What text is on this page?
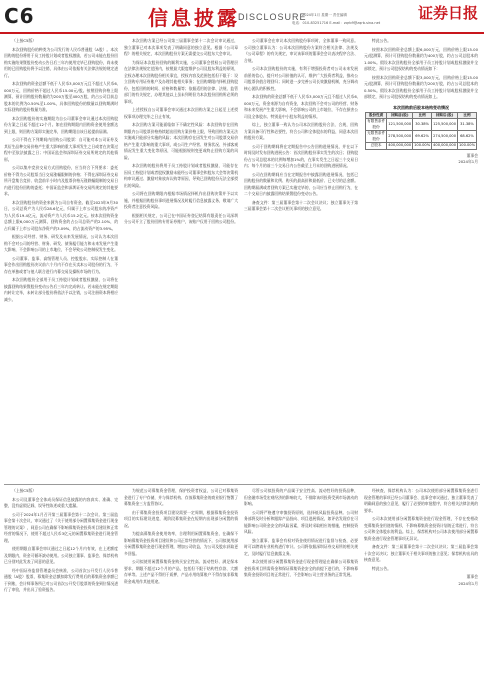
C6	信息披露
DISCLOSURE
2024年1月 星期一 责任编辑
电话：010-83251716 E-mail：zqrb9@zqrb.sina.net
证券日报

（上接C5版）

本次回购股份的种类为公司发行的人民币普通股（A股）。本次回购的股份将用于员工持股计划或者股权激励，若公司未能在股份回购实施结果暨股份变动公告日后三年内使用完毕已回购股份，尚未使用的已回购股份将予以注销，具体由公司依据有关法律法规的规定进行。

本次回购的资金总额不低于人民币3,000万元且不超过人民币6,000万元，回购价格不超过人民币15.00元/股。按照回购价格上限测算，预计回购股份数量约为200万股至400万股，约占公司目前总股本的比例为0.50%至1.00%，具体回购股份的数量以回购期满时实际回购的股份数量为准。

本次回购股份的实施期限为自公司董事会审议通过本次回购股份方案之日起不超过12个月。如在回购期限内回购资金使用金额达到上限，则回购方案即实施完毕，回购期限自该日起提前届满。

公司不得在下列期间内回购公司股票：自可能对本公司证券及其衍生品种交易价格产生重大影响的重大事项发生之日或者在决策过程中至依法披露之日；中国证监会和深圳证券交易所规定的其他情形。

公司以集中竞价交易方式回购股份，应当符合下列要求：委托价格不得为公司股票当日交易涨幅限制的价格；不得在深圳证券交易所开盘集合竞价、收盘前半小时内及股票价格无涨跌幅限制的交易日内进行股份回购的委托；中国证监会和深圳证券交易所规定的其他要求。

本次回购股份的资金来源为公司自有资金。截至2023年9月30日，公司总资产为人民币28.6亿元，归属于上市公司股东的净资产为人民币19.4亿元，流动资产为人民币15.2亿元。按本次回购资金总额上限6,000万元测算，回购资金约占公司总资产的2.10%，约占归属于上市公司股东净资产的3.09%，约占流动资产的3.95%。

根据公司经营、财务、研发及未来发展情况，公司认为本次回购不会对公司的经营、财务、研发、债务履行能力和未来发展产生重大影响，不会影响公司的上市地位，不会导致公司控制权发生变化。

公司董事、监事、高级管理人员、控股股东、实际控制人在董事会作出回购股份决议前六个月内不存在买卖本公司股份的行为，不存在单独或者与他人联合进行内幕交易及操纵市场的行为。

本次回购股份全部用于员工持股计划或者股权激励，公司将在披露回购结果暨股份变动公告后三年内完成转让。若未能在规定期限内转让完毕，未转让部分股份将依法予以注销，公司注册资本将相应减少。

本次回购方案已经公司第三届董事会第十二次会议审议通过，独立董事已对本次事项发表了明确同意的独立意见。根据《公司章程》的相关规定，本次回购股份方案无需提交公司股东大会审议。

为保证本次股份回购的顺利实施，公司董事会授权公司管理层在法律法规规定范围内，按照最大限度维护公司及股东利益的原则，全权办理本次回购股份相关事宜，授权内容及范围包括但不限于：设立回购专用证券账户及办理其他相关事务；在回购期限内择机回购股份，包括回购的时间、价格和数量等；依据适用的法律、法规、监管部门的有关规定，办理其他以上虽未列明但为本次股份回购所必须的事项。

上述授权自公司董事会审议通过本次回购方案之日起至上述授权事项办理完毕之日止有效。

本次回购方案可能面临如下不确定性风险：本次回购存在回购期限内公司股票价格持续超出回购方案价格上限，导致回购方案无法实施或只能部分实施的风险；本次回购存在因发生对公司股票交易价格产生重大影响的重大事项，或公司生产经营、财务状况、外部客观情况发生重大变化等原因，可能根据规则变更或终止回购方案的风险。

本次回购的股份将用于员工持股计划或者股权激励，可能存在因员工持股计划或者股权激励未能经公司董事会和股东大会等决策机构审议通过、激励对象放弃认购等原因，导致已回购股份无法全部授出的风险。

公司将在回购期限内根据市场情况择机作出回购决策并予以实施，并根据回购股份事项进展情况及时履行信息披露义务，敬请广大投资者注意投资风险。

根据相关规定，公司已在中国证券登记结算有限责任公司深圳分公司开立了股份回购专用证券账户，该账户仅用于回购公司股份。

公司董事会在审议本次回购股份事项时，全体董事一致同意。公司独立董事认为：公司本次回购股份方案符合相关法律、法规及《公司章程》的有关规定，审议该事项的董事会会议表决程序合法、合规。

公司本次回购股份的实施，有利于增强投资者对公司未来发展前景的信心，提升对公司价值的认可，维护广大投资者利益，推动公司股票价值合理回归；同时进一步完善公司长效激励机制，充分调动核心团队的积极性。

本次回购的资金总额不低于人民币3,000万元且不超过人民币6,000万元，资金来源为自有资金，本次回购不会对公司的经营、财务和未来发展产生重大影响，不会影响公司的上市地位，不存在损害公司及全体股东、特别是中小股东利益的情形。

综上，独立董事一致认为公司本次回购股份合法、合规，回购方案具备可行性和必要性，符合公司和全体股东的利益，同意本次回购股份方案。

公司于回购期间将在定期报告中公告回购进展情况，并在以下时间及时发布回购进展公告：首次回购股份事实发生的次日；回购股份占公司总股本的比例每增加1%的，在事实发生之日起三个交易日内；每个月的前三个交易日内公告截至上月末的回购进展情况。

公司在回购期间应当在定期报告中披露回购进展情况，包括已回购股份的数量和比例、购买的最高价和最低价、已支付的总金额。回购期届满或者回购方案已实施完毕的，公司应当停止回购行为，在二个交易日内披露回购结果暨股份变动公告。

备查文件：第三届董事会第十二次会议决议；独立董事关于第三届董事会第十二次会议相关事项的独立意见。

特此公告。

按照本次回购资金总额上限6,000万元，回购价格上限15.00元/股测算，预计可回购股份数量约为400万股，约占公司总股本的1.00%。假设本次回购股份全部用于员工持股计划或股权激励并全部锁定，预计公司股权结构的变动情况如下：

按照本次回购资金总额下限3,000万元，回购价格上限15.00元/股测算，预计可回购股份数量约为200万股，约占公司总股本的0.50%。假设本次回购股份全部用于员工持股计划或股权激励并全部锁定，预计公司股权结构的变动情况如上。

本次回购前后股本结构变动情况
股份性质	回购前(股)	比例	回购后(股)	比例
有限售条件股份	121,500,000	30.38%	125,500,000	31.38%
无限售条件股份	278,500,000	69.62%	274,500,000	68.62%
总股本	400,000,000	100.00%	400,000,000	100.00%
董事会
2024年1月

（上接C5版）

本公司及董事会全体成员保证信息披露的内容真实、准确、完整，没有虚假记载、误导性陈述或重大遗漏。

公司于2024年1月召开第三届董事会第十二次会议、第三届监事会第十次会议，审议通过了《关于使用部分闲置募集资金进行现金管理的议案》，同意公司在确保不影响募集资金投资项目建设和正常经营的情况下，使用不超过人民币3亿元的闲置募集资金进行现金管理。

使用期限自董事会审议通过之日起12个月内有效，在上述额度及期限内，资金可循环滚动使用。公司独立董事、监事会、保荐机构已分别对此发表了同意的意见。

经中国证券监督管理委员会核准，公司首次公开发行人民币普通股（A股）股票，募集资金总额扣除发行费用后的募集资金净额已于到账，会计师事务所已对公司首次公开发行股票的资金到位情况进行了审验，并出具了验资报告。

为规范公司募集资金管理，保护投资者权益，公司已对募集资金进行了专户存储，并与保荐机构、存放募集资金的商业银行签署了募集资金三方监管协议。

由于募集资金投资项目建设需要一定周期，根据募集资金投资项目的实际建设进度，现阶段募集资金在短期内出现部分闲置的情况。

为提高募集资金使用效率，合理利用闲置募集资金，在确保不影响募集资金投资项目建设和公司正常经营的情况下，公司拟使用部分闲置募集资金进行现金管理，增加公司收益，为公司及股东获取更多回报。

公司拟使用闲置募集资金购买安全性高、流动性好、满足保本要求、期限不超过12个月的产品，包括但不限于结构性存款、大额存单等。上述产品不得用于质押，产品专用结算账户不得存放非募集资金或用作其他用途。

尽管公司拟投资的产品属于安全性高、流动性好的投资品种，但金融市场受宏观经济的影响较大，不排除该项投资受到市场波动的影响。

公司将严格遵守审慎投资原则，选择低风险投资品种。公司财务部将及时分析和跟踪产品投向、项目进展情况，如评估发现存在可能影响公司资金安全的风险因素，将及时采取相应的措施，控制投资风险。

独立董事、监事会有权对资金使用情况进行监督与检查，必要时可以聘请专业机构进行审计。公司将依据深圳证券交易所的相关规定，及时履行信息披露义务。

本次使用部分闲置募集资金进行现金管理是在确保公司募集资金投资项目所需资金和保证募集资金安全的前提下进行的，不影响募集资金投资项目的正常进行，不会影响公司主营业务的正常发展。

经核查，保荐机构认为：公司本次使用部分闲置募集资金进行现金管理的事项已经公司董事会、监事会审议通过，独立董事发表了明确同意的独立意见，履行了必要的审批程序，符合相关法律法规的要求。

公司本次使用部分闲置募集资金进行现金管理，不存在变相改变募集资金用途的情形，不影响募集资金投资计划的正常进行，符合公司和全体股东的利益。综上，保荐机构对公司本次使用部分闲置募集资金进行现金管理事项无异议。

备查文件：第三届董事会第十二次会议决议；第三届监事会第十次会议决议；独立董事关于相关事项的独立意见；保荐机构出具的核查意见。

特此公告。

董事会
2024年1月
